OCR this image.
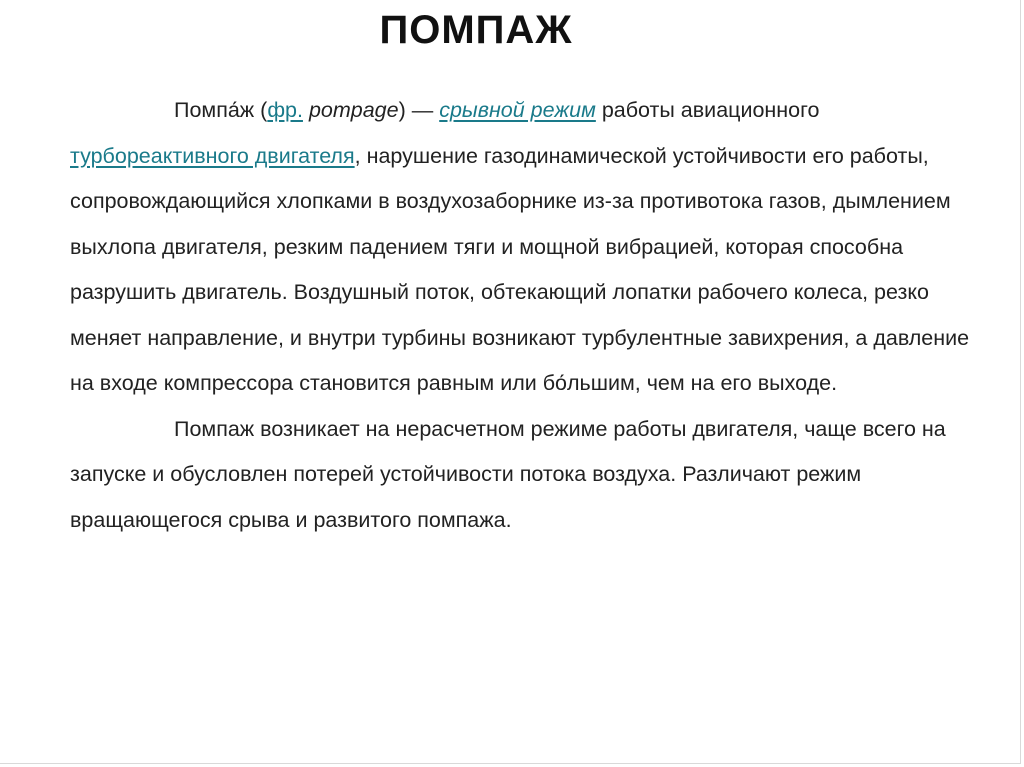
ПОМПАЖ

Помпа́ж (фр. pompage) — срывной режим работы авиационного турбореактивного двигателя, нарушение газодинамической устойчивости его работы, сопровождающийся хлопками в воздухозаборнике из-за противотока газов, дымлением выхлопа двигателя, резким падением тяги и мощной вибрацией, которая способна разрушить двигатель. Воздушный поток, обтекающий лопатки рабочего колеса, резко меняет направление, и внутри турбины возникают турбулентные завихрения, а давление на входе компрессора становится равным или бо́льшим, чем на его выходе.

Помпаж возникает на нерасчетном режиме работы двигателя, чаще всего на запуске и обусловлен потерей устойчивости потока воздуха. Различают режим вращающегося срыва и развитого помпажа.
